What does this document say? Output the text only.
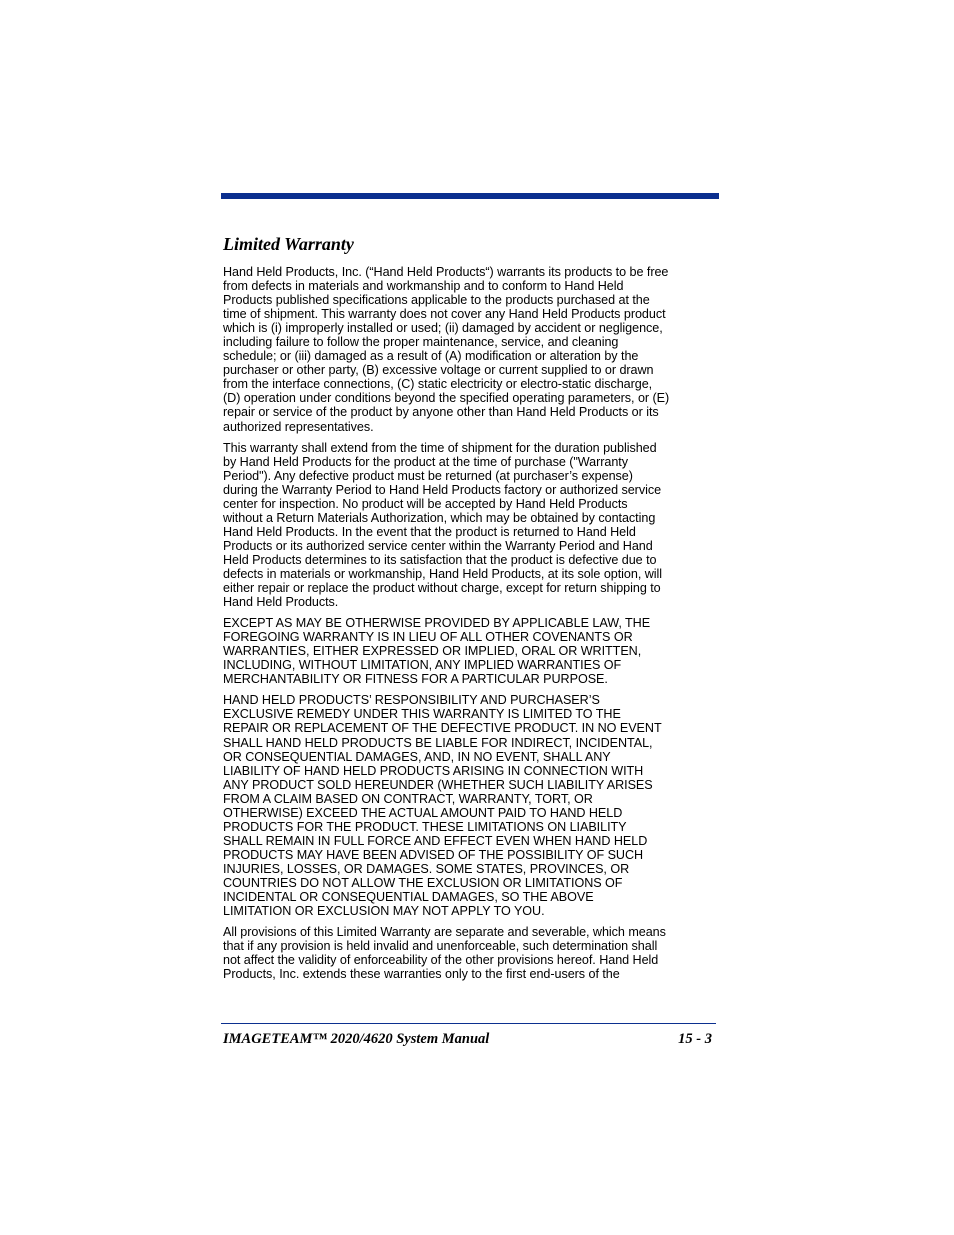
Limited Warranty

Hand Held Products, Inc. (“Hand Held Products“) warrants its products to be free
from defects in materials and workmanship and to conform to Hand Held
Products published specifications applicable to the products purchased at the
time of shipment. This warranty does not cover any Hand Held Products product
which is (i) improperly installed or used; (ii) damaged by accident or negligence,
including failure to follow the proper maintenance, service, and cleaning
schedule; or (iii) damaged as a result of (A) modification or alteration by the
purchaser or other party, (B) excessive voltage or current supplied to or drawn
from the interface connections, (C) static electricity or electro-static discharge,
(D) operation under conditions beyond the specified operating parameters, or (E)
repair or service of the product by anyone other than Hand Held Products or its
authorized representatives.

This warranty shall extend from the time of shipment for the duration published
by Hand Held Products for the product at the time of purchase ("Warranty
Period"). Any defective product must be returned (at purchaser’s expense)
during the Warranty Period to Hand Held Products factory or authorized service
center for inspection. No product will be accepted by Hand Held Products
without a Return Materials Authorization, which may be obtained by contacting
Hand Held Products. In the event that the product is returned to Hand Held
Products or its authorized service center within the Warranty Period and Hand
Held Products determines to its satisfaction that the product is defective due to
defects in materials or workmanship, Hand Held Products, at its sole option, will
either repair or replace the product without charge, except for return shipping to
Hand Held Products.

EXCEPT AS MAY BE OTHERWISE PROVIDED BY APPLICABLE LAW, THE
FOREGOING WARRANTY IS IN LIEU OF ALL OTHER COVENANTS OR
WARRANTIES, EITHER EXPRESSED OR IMPLIED, ORAL OR WRITTEN,
INCLUDING, WITHOUT LIMITATION, ANY IMPLIED WARRANTIES OF
MERCHANTABILITY OR FITNESS FOR A PARTICULAR PURPOSE.

HAND HELD PRODUCTS’ RESPONSIBILITY AND PURCHASER’S
EXCLUSIVE REMEDY UNDER THIS WARRANTY IS LIMITED TO THE
REPAIR OR REPLACEMENT OF THE DEFECTIVE PRODUCT. IN NO EVENT
SHALL HAND HELD PRODUCTS BE LIABLE FOR INDIRECT, INCIDENTAL,
OR CONSEQUENTIAL DAMAGES, AND, IN NO EVENT, SHALL ANY
LIABILITY OF HAND HELD PRODUCTS ARISING IN CONNECTION WITH
ANY PRODUCT SOLD HEREUNDER (WHETHER SUCH LIABILITY ARISES
FROM A CLAIM BASED ON CONTRACT, WARRANTY, TORT, OR
OTHERWISE) EXCEED THE ACTUAL AMOUNT PAID TO HAND HELD
PRODUCTS FOR THE PRODUCT. THESE LIMITATIONS ON LIABILITY
SHALL REMAIN IN FULL FORCE AND EFFECT EVEN WHEN HAND HELD
PRODUCTS MAY HAVE BEEN ADVISED OF THE POSSIBILITY OF SUCH
INJURIES, LOSSES, OR DAMAGES. SOME STATES, PROVINCES, OR
COUNTRIES DO NOT ALLOW THE EXCLUSION OR LIMITATIONS OF
INCIDENTAL OR CONSEQUENTIAL DAMAGES, SO THE ABOVE
LIMITATION OR EXCLUSION MAY NOT APPLY TO YOU.

All provisions of this Limited Warranty are separate and severable, which means
that if any provision is held invalid and unenforceable, such determination shall
not affect the validity of enforceability of the other provisions hereof. Hand Held
Products, Inc. extends these warranties only to the first end-users of the

IMAGETEAM™ 2020/4620 System Manual	15 - 3
